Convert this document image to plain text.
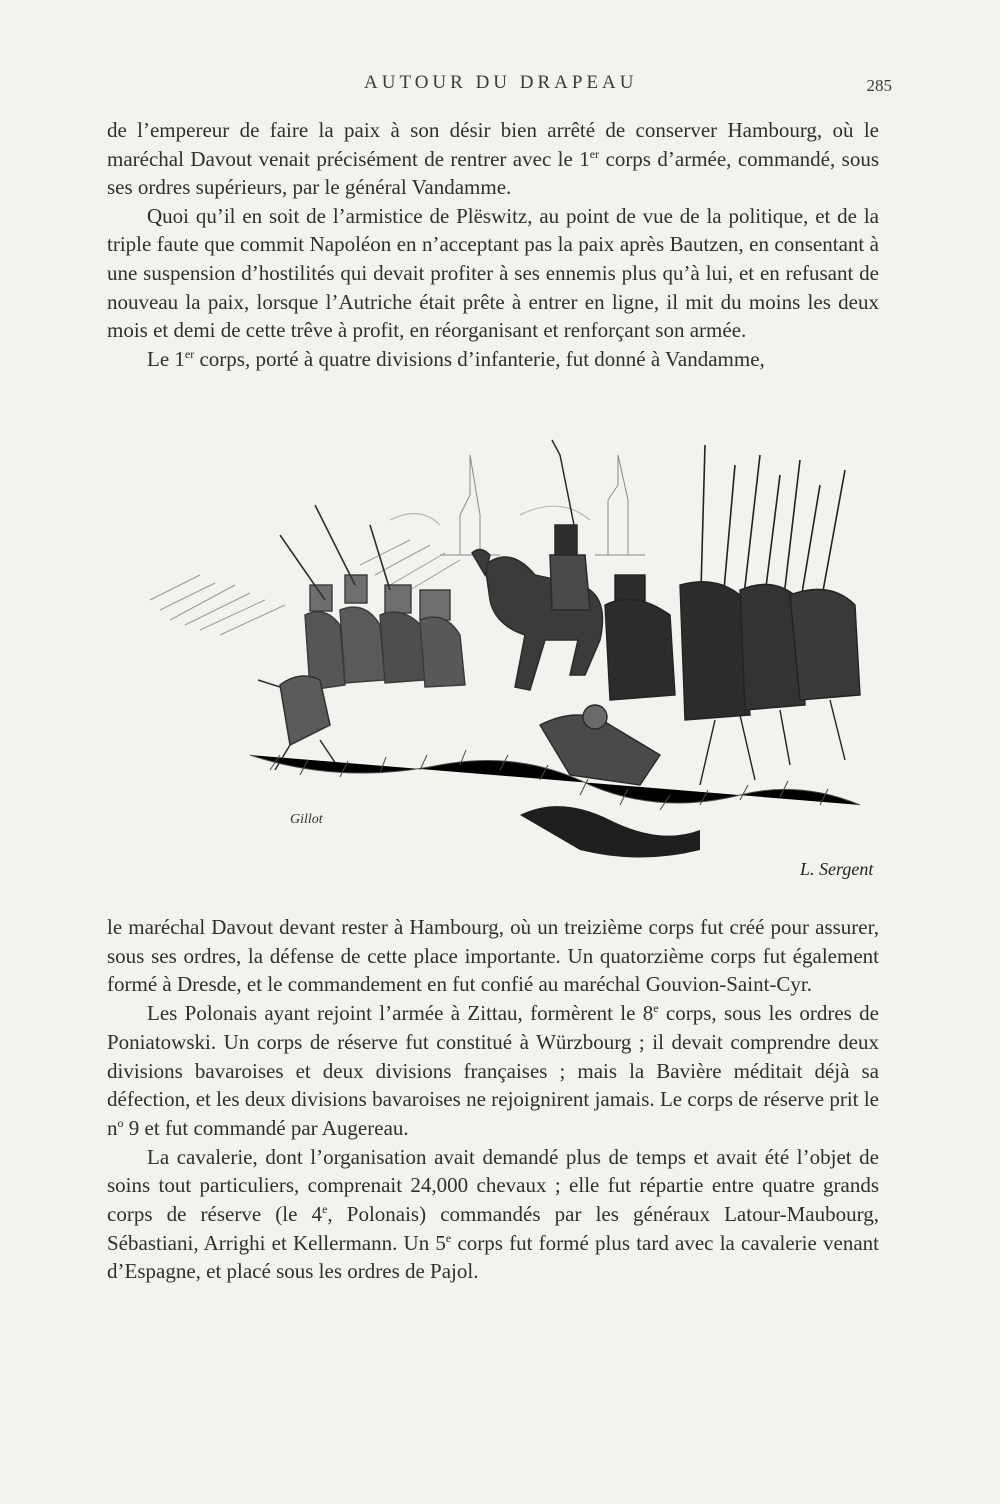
AUTOUR DU DRAPEAU	285

de l’empereur de faire la paix à son désir bien arrêté de conserver Hambourg, où le maréchal Davout venait précisément de rentrer avec le 1er corps d’armée, commandé, sous ses ordres supérieurs, par le général Vandamme.

Quoi qu’il en soit de l’armistice de Plëswitz, au point de vue de la politique, et de la triple faute que commit Napoléon en n’acceptant pas la paix après Bautzen, en consentant à une suspension d’hostilités qui devait profiter à ses ennemis plus qu’à lui, et en refusant de nouveau la paix, lorsque l’Autriche était prête à entrer en ligne, il mit du moins les deux mois et demi de cette trêve à profit, en réorganisant et renforçant son armée.

Le 1er corps, porté à quatre divisions d’infanterie, fut donné à Vandamme,

Gillot
L. Sergent

le maréchal Davout devant rester à Hambourg, où un treizième corps fut créé pour assurer, sous ses ordres, la défense de cette place importante. Un quatorzième corps fut également formé à Dresde, et le commandement en fut confié au maréchal Gouvion-Saint-Cyr.

Les Polonais ayant rejoint l’armée à Zittau, formèrent le 8e corps, sous les ordres de Poniatowski. Un corps de réserve fut constitué à Würzbourg ; il devait comprendre deux divisions bavaroises et deux divisions françaises ; mais la Bavière méditait déjà sa défection, et les deux divisions bavaroises ne rejoignirent jamais. Le corps de réserve prit le $n^o$ 9 et fut commandé par Augereau.

La cavalerie, dont l’organisation avait demandé plus de temps et avait été l’objet de soins tout particuliers, comprenait 24,000 chevaux ; elle fut répartie entre quatre grands corps de réserve (le 4e, Polonais) commandés par les généraux Latour-Maubourg, Sébastiani, Arrighi et Kellermann. Un 5e corps fut formé plus tard avec la cavalerie venant d’Espagne, et placé sous les ordres de Pajol.
